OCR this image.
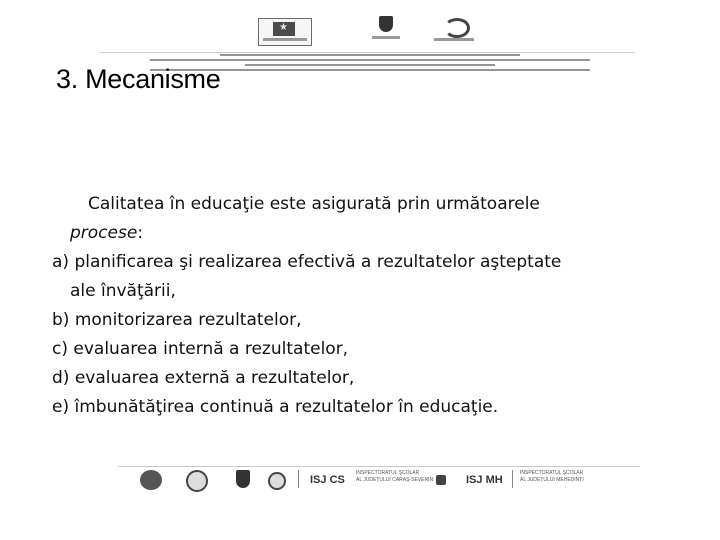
★
3. Mecanisme

Calitatea în educaţie este asigurată prin următoarele

procese:

a) planificarea şi realizarea efectivă a rezultatelor aşteptate

ale învăţării,

b) monitorizarea rezultatelor,

c) evaluarea internă a rezultatelor,

d) evaluarea externă a rezultatelor,

e) îmbunătăţirea continuă a rezultatelor în educaţie.

ISJ CS
INSPECTORATUL ŞCOLAR
AL JUDEŢULUI CARAŞ-SEVERIN	ISJ MH
INSPECTORATUL ŞCOLAR
AL JUDEŢULUI MEHEDINŢI
